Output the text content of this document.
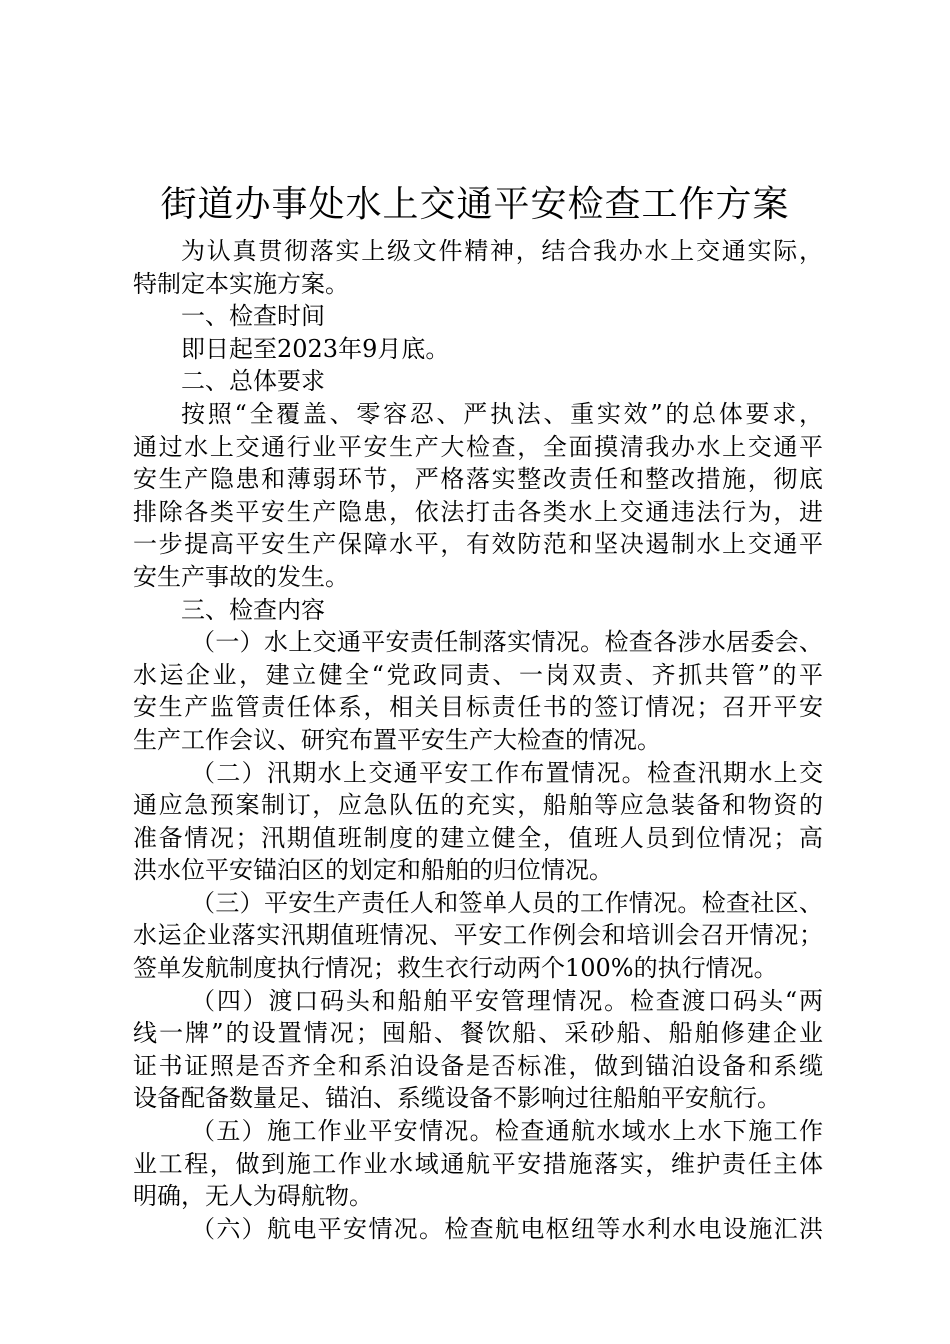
街道办事处水上交通平安检查工作方案
为认真贯彻落实上级文件精神，结合我办水上交通实际，
特制定本实施方案。
一、检查时间
即日起至2023年9月底。
二、总体要求
按照“全覆盖、零容忍、严执法、重实效”的总体要求，
通过水上交通行业平安生产大检查，全面摸清我办水上交通平
安生产隐患和薄弱环节，严格落实整改责任和整改措施，彻底
排除各类平安生产隐患，依法打击各类水上交通违法行为，进
一步提高平安生产保障水平，有效防范和坚决遏制水上交通平
安生产事故的发生。
三、检查内容
（一）水上交通平安责任制落实情况。检查各涉水居委会、
水运企业，建立健全“党政同责、一岗双责、齐抓共管”的平
安生产监管责任体系，相关目标责任书的签订情况；召开平安
生产工作会议、研究布置平安生产大检查的情况。
（二）汛期水上交通平安工作布置情况。检查汛期水上交
通应急预案制订，应急队伍的充实，船舶等应急装备和物资的
准备情况；汛期值班制度的建立健全，值班人员到位情况；高
洪水位平安锚泊区的划定和船舶的归位情况。
（三）平安生产责任人和签单人员的工作情况。检查社区、
水运企业落实汛期值班情况、平安工作例会和培训会召开情况；
签单发航制度执行情况；救生衣行动两个100%的执行情况。
（四）渡口码头和船舶平安管理情况。检查渡口码头“两
线一牌”的设置情况；囤船、餐饮船、采砂船、船舶修建企业
证书证照是否齐全和系泊设备是否标准，做到锚泊设备和系缆
设备配备数量足、锚泊、系缆设备不影响过往船舶平安航行。
（五）施工作业平安情况。检查通航水域水上水下施工作
业工程，做到施工作业水域通航平安措施落实，维护责任主体
明确，无人为碍航物。
（六）航电平安情况。检查航电枢纽等水利水电设施汇洪
